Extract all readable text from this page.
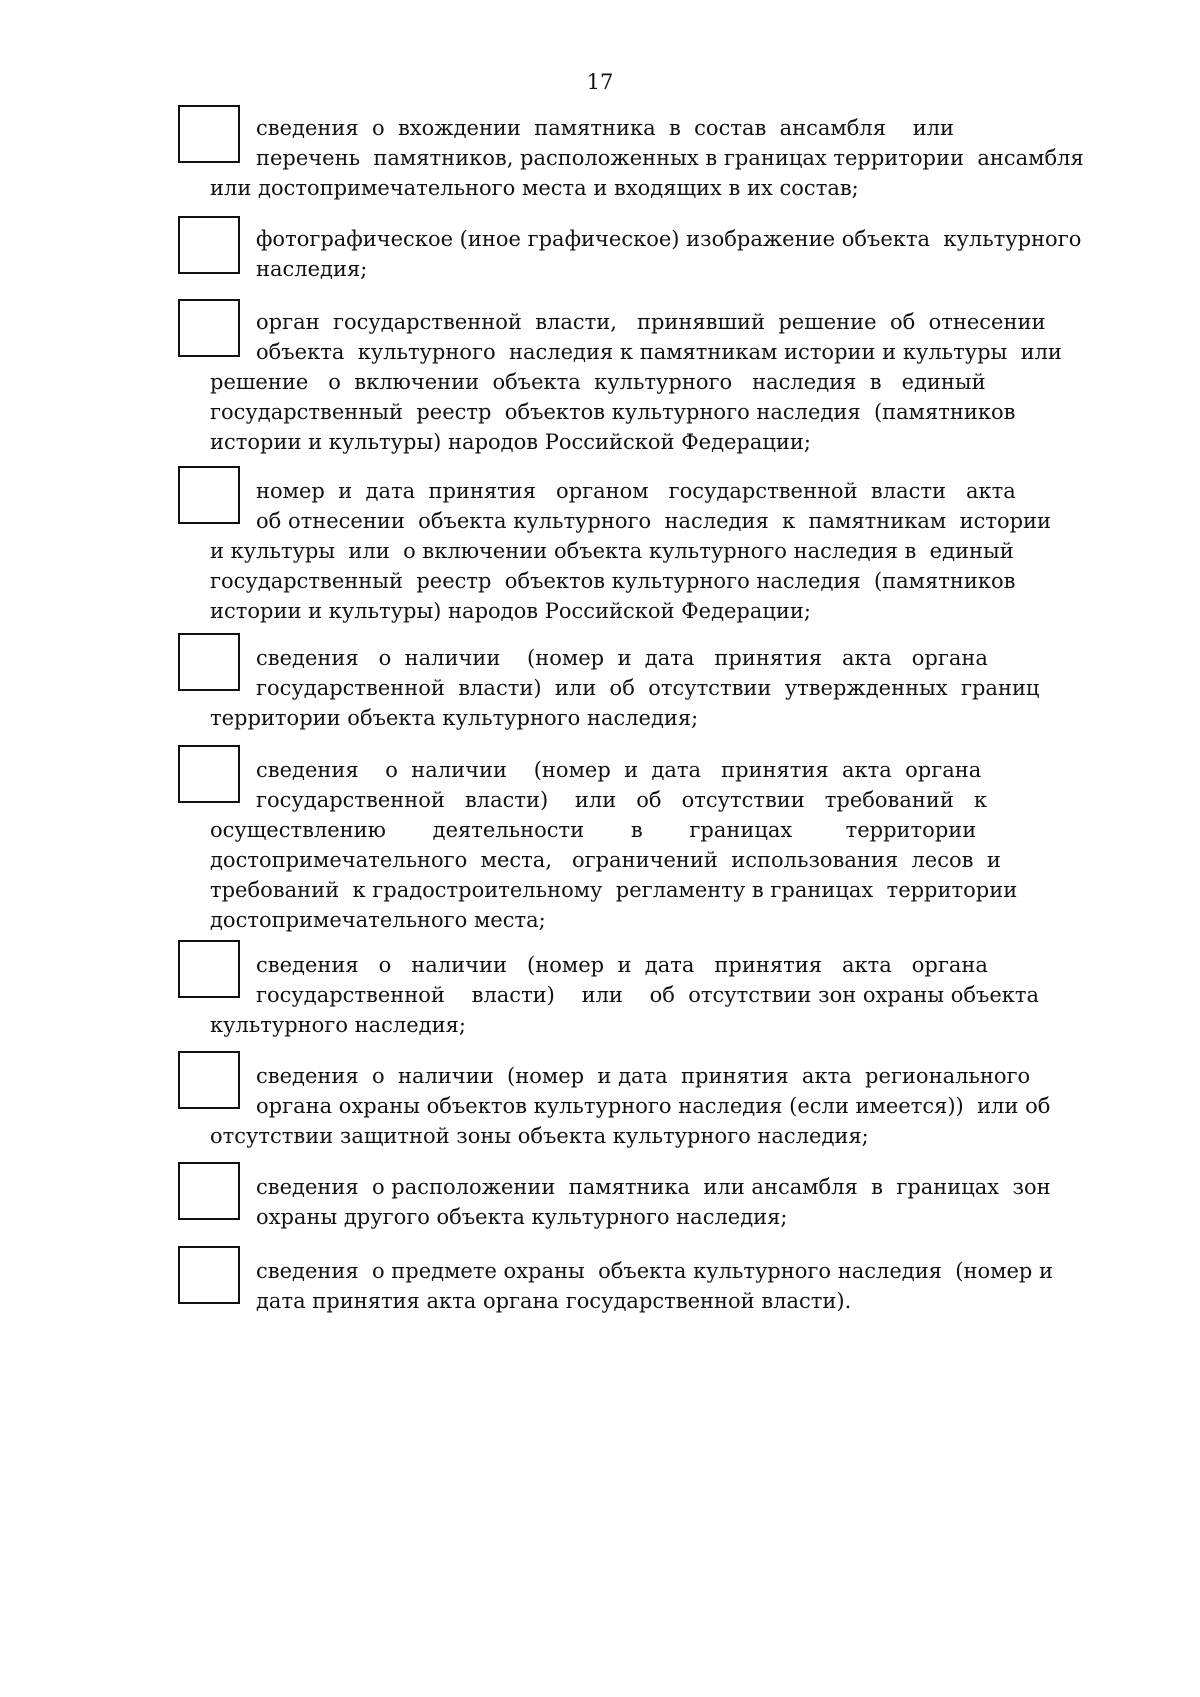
17

сведения  о  вхождении  памятника  в  состав  ансамбля    или
перечень  памятников, расположенных в границах территории  ансамбля
или достопримечательного места и входящих в их состав;

фотографическое (иное графическое) изображение объекта  культурного
наследия;

орган  государственной  власти,   принявший  решение  об  отнесении
объекта  культурного  наследия к памятникам истории и культуры  или
решение   о  включении  объекта  культурного   наследия  в   единый
государственный  реестр  объектов культурного наследия  (памятников
истории и культуры) народов Российской Федерации;

номер  и  дата  принятия   органом   государственной  власти   акта
об отнесении  объекта культурного  наследия  к  памятникам  истории
и культуры  или  о включении объекта культурного наследия в  единый
государственный  реестр  объектов культурного наследия  (памятников
истории и культуры) народов Российской Федерации;

сведения   о  наличии    (номер  и  дата   принятия   акта   органа
государственной  власти)  или  об  отсутствии  утвержденных  границ
территории объекта культурного наследия;

сведения    о  наличии    (номер  и  дата   принятия  акта  органа
государственной   власти)    или   об   отсутствии   требований   к
осуществлению       деятельности       в       границах        территории
достопримечательного  места,   ограничений  использования  лесов  и
требований  к градостроительному  регламенту в границах  территории
достопримечательного места;

сведения   о   наличии   (номер  и  дата   принятия   акта   органа
государственной    власти)    или    об  отсутствии зон охраны объекта
культурного наследия;

сведения  о  наличии  (номер  и дата  принятия  акта  регионального
органа охраны объектов культурного наследия (если имеется))  или об
отсутствии защитной зоны объекта культурного наследия;

сведения  о расположении  памятника  или ансамбля  в  границах  зон
охраны другого объекта культурного наследия;

сведения  о предмете охраны  объекта культурного наследия  (номер и
дата принятия акта органа государственной власти).
